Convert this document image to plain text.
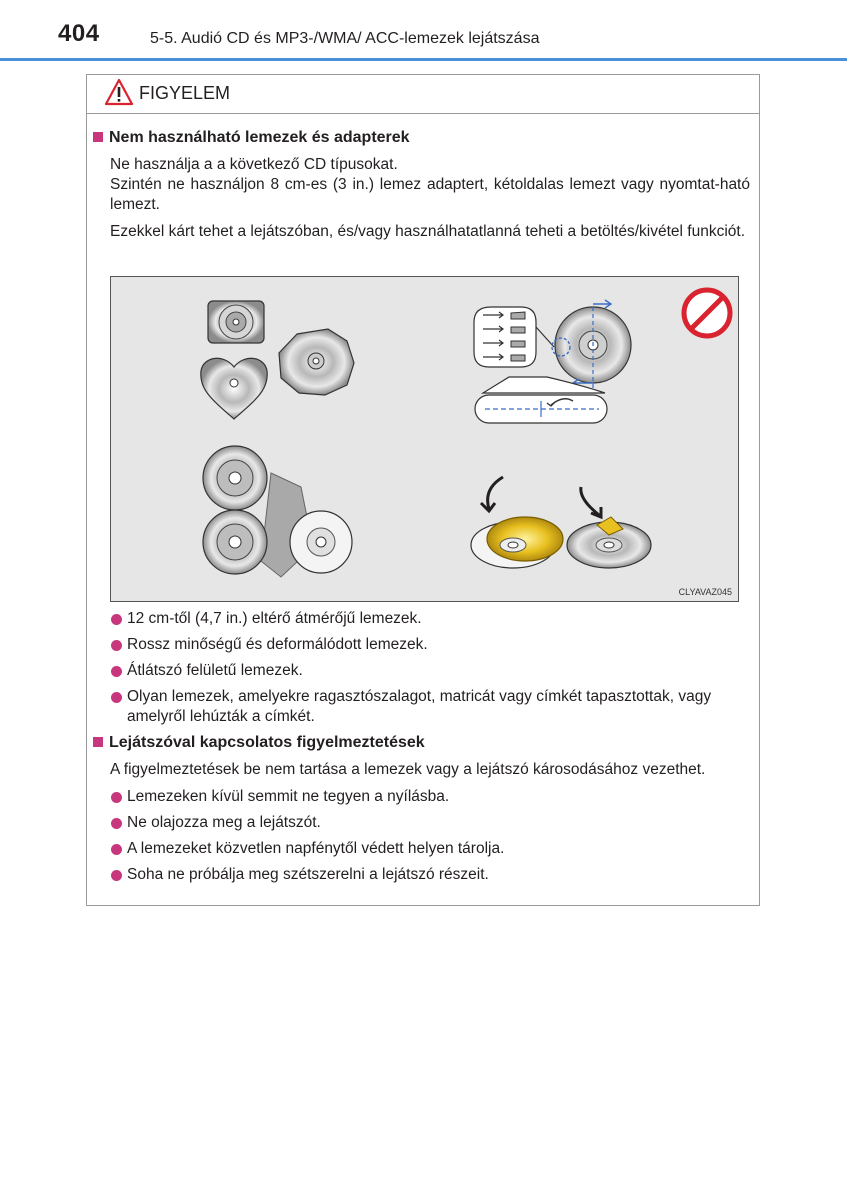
404	5-5. Audió CD és MP3-/WMA/ ACC-lemezek lejátszása
FIGYELEM
Nem használható lemezek és adapterek
Ne használja a a következő CD típusokat.
Szintén ne használjon 8 cm-es (3 in.) lemez adaptert, kétoldalas lemezt vagy nyomtat-ható lemezt.
Ezekkel kárt tehet a lejátszóban, és/vagy használhatatlanná teheti a betöltés/kivétel funkciót.
CLYAVAZ045
12 cm-től (4,7 in.) eltérő átmérőjű lemezek.
Rossz minőségű és deformálódott lemezek.
Átlátszó felületű lemezek.
Olyan lemezek, amelyekre ragasztószalagot, matricát vagy címkét tapasztottak, vagy amelyről lehúzták a címkét.
Lejátszóval kapcsolatos figyelmeztetések
A figyelmeztetések be nem tartása a lemezek vagy a lejátszó károsodásához vezethet.
Lemezeken kívül semmit ne tegyen a nyílásba.
Ne olajozza meg a lejátszót.
A lemezeket közvetlen napfénytől védett helyen tárolja.
Soha ne próbálja meg szétszerelni a lejátszó részeit.
